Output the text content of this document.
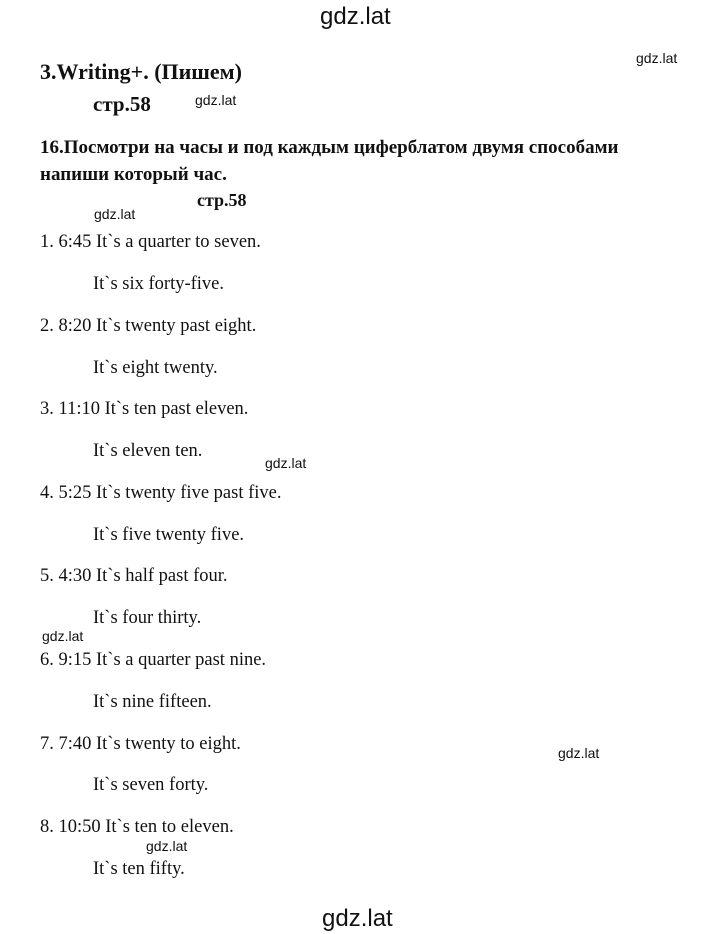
gdz.lat
gdz.lat
gdz.lat
gdz.lat
gdz.lat
gdz.lat
gdz.lat
gdz.lat
gdz.lat
3.Writing+. (Пишем)
стр.58
16.Посмотри на часы и под каждым циферблатом двумя способами напиши который час.
стр.58
1. 6:45 It`s a quarter to seven.
It`s six forty-five.
2. 8:20 It`s twenty past eight.
It`s eight twenty.
3. 11:10 It`s ten past eleven.
It`s eleven ten.
4. 5:25 It`s twenty five past five.
It`s five twenty five.
5. 4:30 It`s half past four.
It`s four thirty.
6. 9:15 It`s a quarter past nine.
It`s nine fifteen.
7. 7:40 It`s twenty to eight.
It`s seven forty.
8. 10:50 It`s ten to eleven.
It`s ten fifty.
